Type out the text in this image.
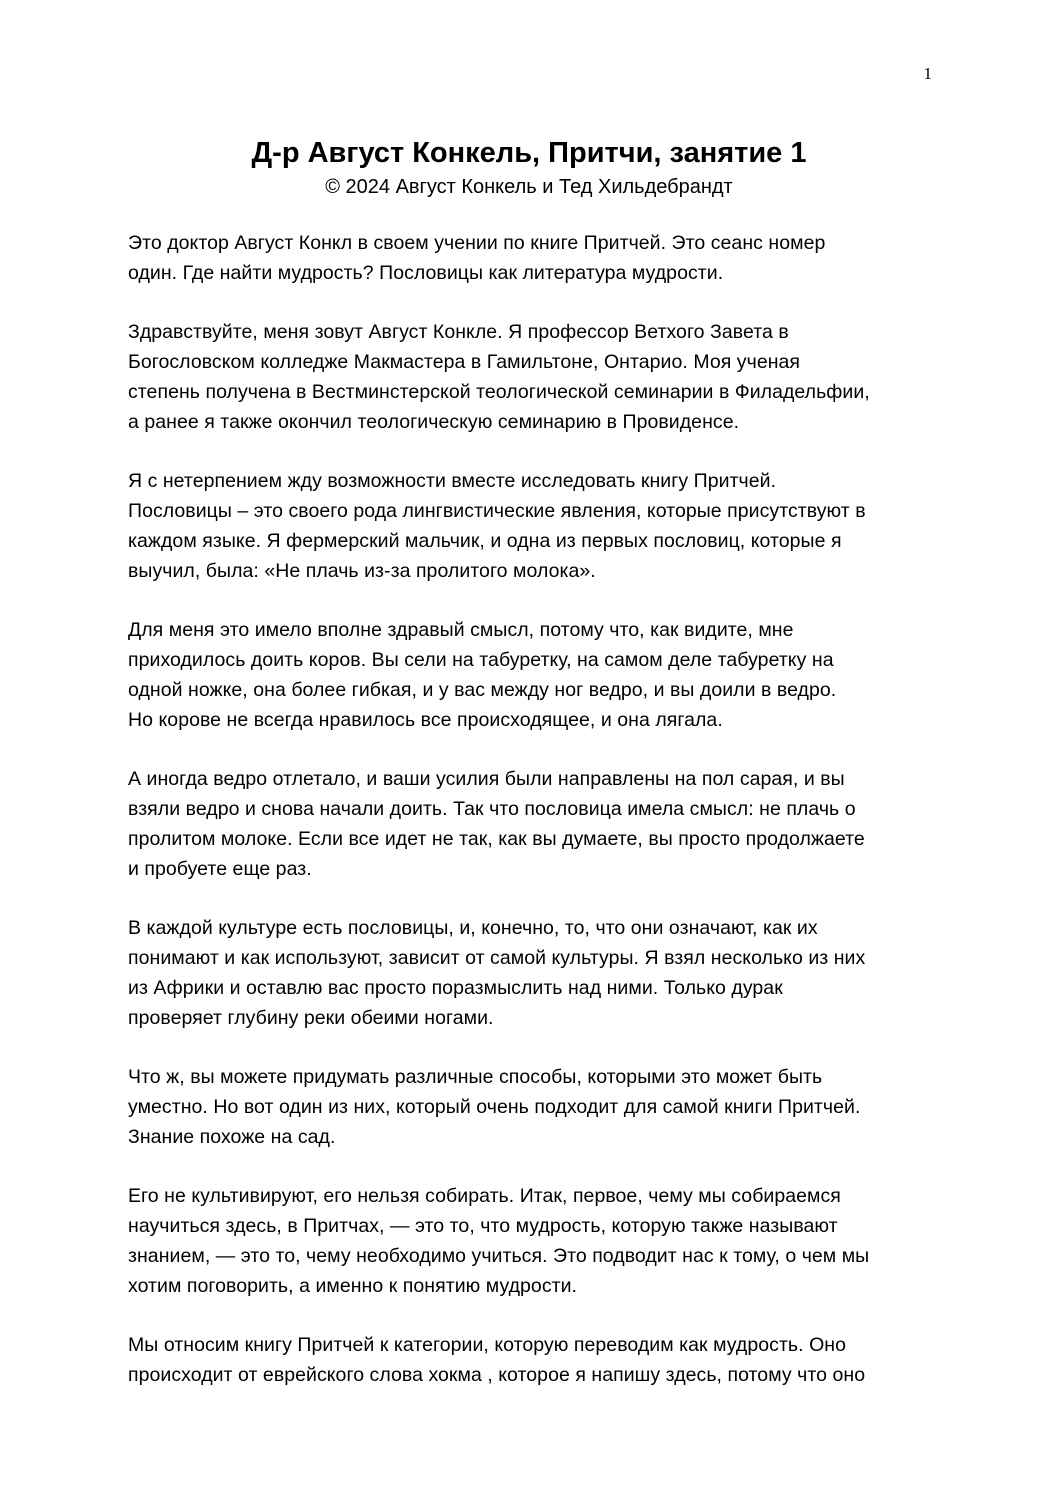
1
Д-р Август Конкель, Притчи, занятие 1
© 2024 Август Конкель и Тед Хильдебрандт

Это доктор Август Конкл в своем учении по книге Притчей. Это сеанс номер
один. Где найти мудрость? Пословицы как литература мудрости.

Здравствуйте, меня зовут Август Конкле. Я профессор Ветхого Завета в
Богословском колледже Макмастера в Гамильтоне, Онтарио. Моя ученая
степень получена в Вестминстерской теологической семинарии в Филадельфии,
а ранее я также окончил теологическую семинарию в Провиденсе.

Я с нетерпением жду возможности вместе исследовать книгу Притчей.
Пословицы – это своего рода лингвистические явления, которые присутствуют в
каждом языке. Я фермерский мальчик, и одна из первых пословиц, которые я
выучил, была: «Не плачь из-за пролитого молока».

Для меня это имело вполне здравый смысл, потому что, как видите, мне
приходилось доить коров. Вы сели на табуретку, на самом деле табуретку на
одной ножке, она более гибкая, и у вас между ног ведро, и вы доили в ведро.
Но корове не всегда нравилось все происходящее, и она лягала.

А иногда ведро отлетало, и ваши усилия были направлены на пол сарая, и вы
взяли ведро и снова начали доить. Так что пословица имела смысл: не плачь о
пролитом молоке. Если все идет не так, как вы думаете, вы просто продолжаете
и пробуете еще раз.

В каждой культуре есть пословицы, и, конечно, то, что они означают, как их
понимают и как используют, зависит от самой культуры. Я взял несколько из них
из Африки и оставлю вас просто поразмыслить над ними. Только дурак
проверяет глубину реки обеими ногами.

Что ж, вы можете придумать различные способы, которыми это может быть
уместно. Но вот один из них, который очень подходит для самой книги Притчей.
Знание похоже на сад.

Его не культивируют, его нельзя собирать. Итак, первое, чему мы собираемся
научиться здесь, в Притчах, — это то, что мудрость, которую также называют
знанием, — это то, чему необходимо учиться. Это подводит нас к тому, о чем мы
хотим поговорить, а именно к понятию мудрости.

Мы относим книгу Притчей к категории, которую переводим как мудрость. Оно
происходит от еврейского слова хокма , которое я напишу здесь, потому что оно
